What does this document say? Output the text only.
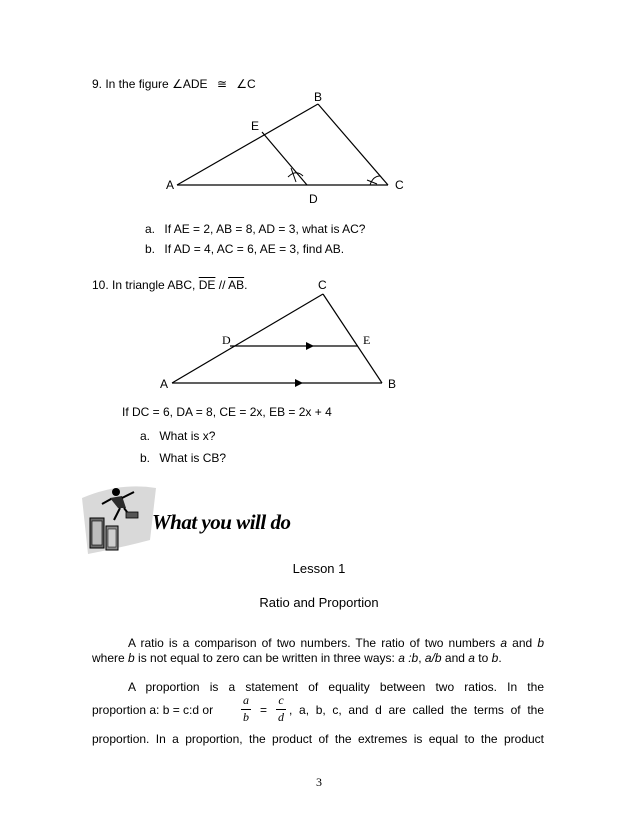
9. In the figure ∠ADE ≅ ∠C
A
B
C
D
E
a. If AE = 2, AB = 8, AD = 3, what is AC?
b. If AD = 4, AC = 6, AE = 3, find AB.
10. In triangle ABC, $\overline{DE} // \overline{AB}$.
A	B
C
D	E
If DC = 6, DA = 8, CE = 2x, EB = 2x + 4
a. What is x?
b. What is CB?
What you will do
Lesson 1
Ratio and Proportion
A ratio is a comparison of two numbers. The ratio of two numbers a and b
where b is not equal to zero can be written in three ways: a :b, a/b and a to b.
A proportion is a statement of equality between two ratios. In the
proportion a: b = c:d or
a
b =
c
d , a, b, c, and d are called the terms of the
proportion. In a proportion, the product of the extremes is equal to the product
3
